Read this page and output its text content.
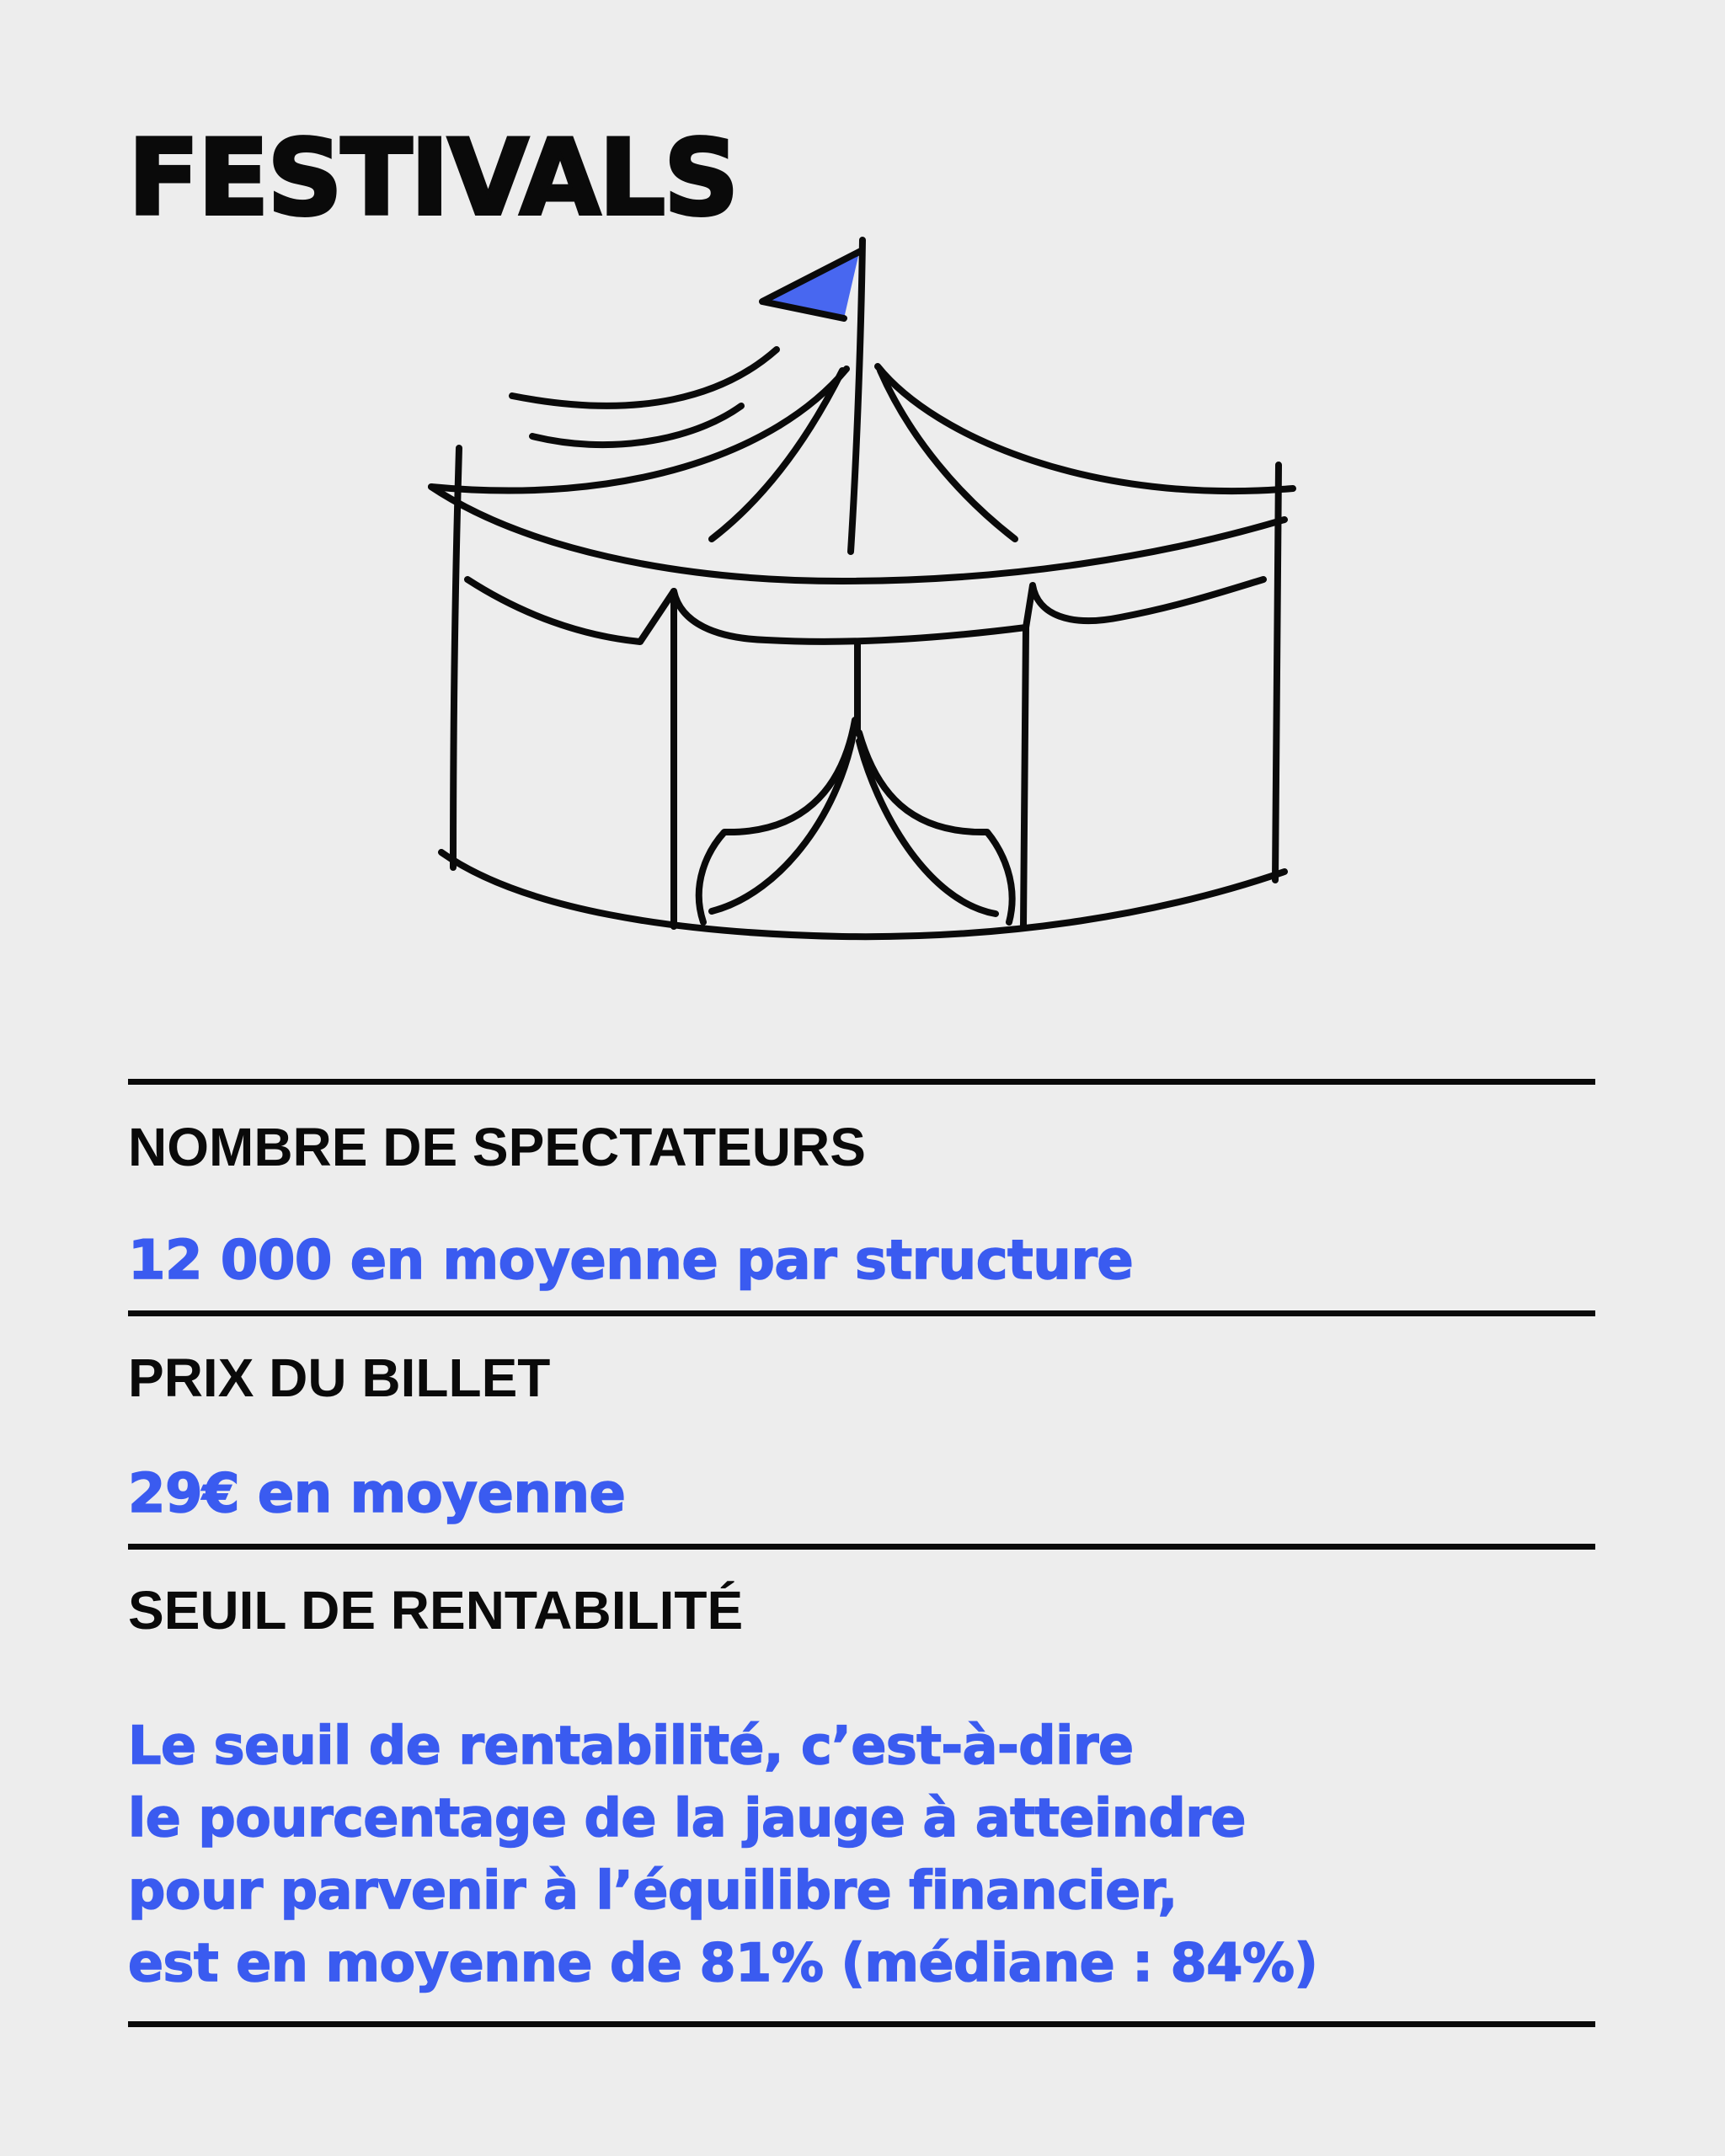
FESTIVALS

NOMBRE DE SPECTATEURS

12 000 en moyenne par structure

PRIX DU BILLET

29€ en moyenne

SEUIL DE RENTABILITÉ

Le seuil de rentabilité, c’est-à-dire
le pourcentage de la jauge à atteindre
pour parvenir à l’équilibre financier,
est en moyenne de 81% (médiane : 84%)
